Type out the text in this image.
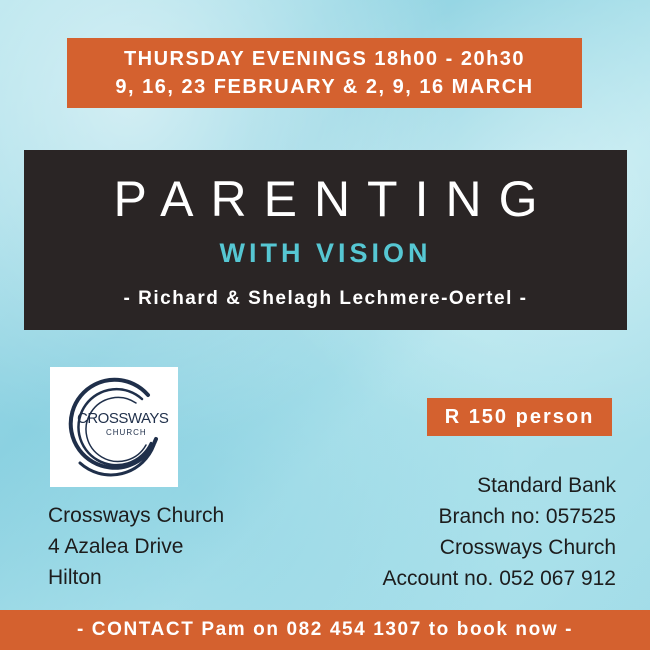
THURSDAY EVENINGS 18h00 - 20h30
9, 16, 23 FEBRUARY & 2, 9, 16 MARCH
PARENTING
WITH VISION
- Richard & Shelagh Lechmere-Oertel -
CROSSWAYS
CHURCH
Crossways Church
4 Azalea Drive
Hilton
R 150 person
Standard Bank
Branch no: 057525
Crossways Church
Account no. 052 067 912
- CONTACT Pam on 082 454 1307 to book now -
